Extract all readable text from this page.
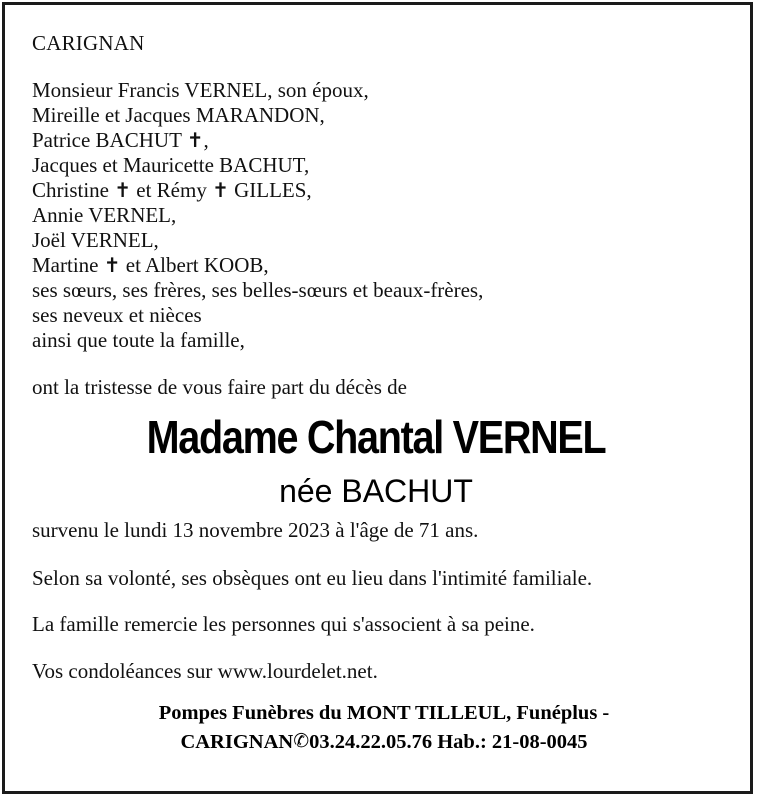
CARIGNAN
Monsieur Francis VERNEL, son époux,
Mireille et Jacques MARANDON,
Patrice BACHUT ✝,
Jacques et Mauricette BACHUT,
Christine ✝ et Rémy ✝ GILLES,
Annie VERNEL,
Joël VERNEL,
Martine ✝ et Albert KOOB,
ses sœurs, ses frères, ses belles-sœurs et beaux-frères,
ses neveux et nièces
ainsi que toute la famille,
ont la tristesse de vous faire part du décès de
Madame Chantal VERNEL
née BACHUT

survenu le lundi 13 novembre 2023 à l'âge de 71 ans.

Selon sa volonté, ses obsèques ont eu lieu dans l'intimité familiale.

La famille remercie les personnes qui s'associent à sa peine.

Vos condoléances sur www.lourdelet.net.

Pompes Funèbres du MONT TILLEUL, Funéplus -
CARIGNAN✆03.24.22.05.76 Hab.: 21-08-0045
